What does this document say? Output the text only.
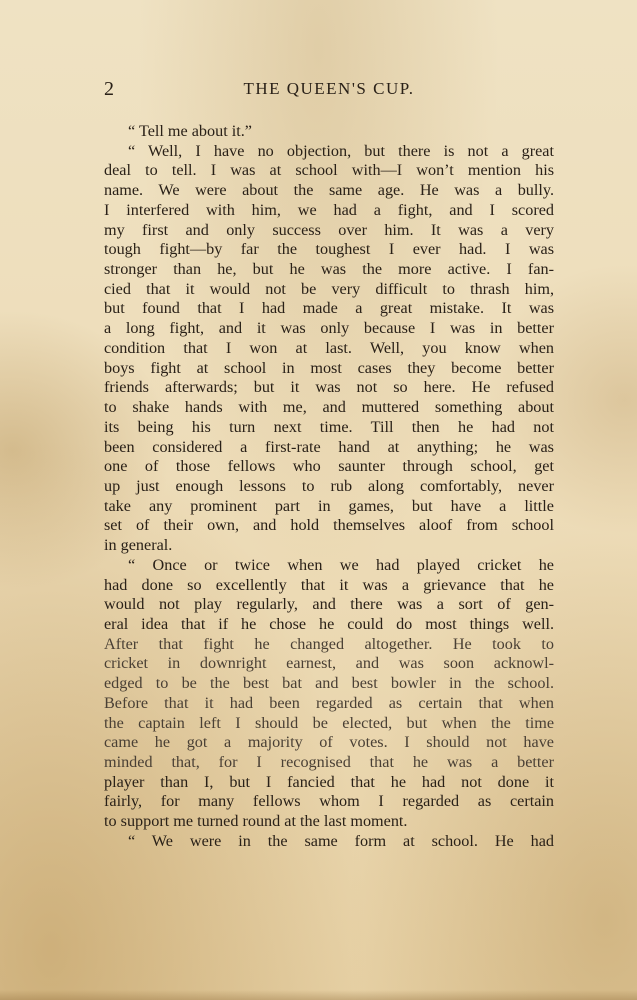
2	THE QUEEN'S CUP.
“ Tell me about it.”
“ Well, I have no objection, but there is not a great
deal to tell. I was at school with—I won’t mention his
name. We were about the same age. He was a bully.
I interfered with him, we had a fight, and I scored
my first and only success over him. It was a very
tough fight—by far the toughest I ever had. I was
stronger than he, but he was the more active. I fan-
cied that it would not be very difficult to thrash him,
but found that I had made a great mistake. It was
a long fight, and it was only because I was in better
condition that I won at last. Well, you know when
boys fight at school in most cases they become better
friends afterwards; but it was not so here. He refused
to shake hands with me, and muttered something about
its being his turn next time. Till then he had not
been considered a first-rate hand at anything; he was
one of those fellows who saunter through school, get
up just enough lessons to rub along comfortably, never
take any prominent part in games, but have a little
set of their own, and hold themselves aloof from school
in general.
“ Once or twice when we had played cricket he
had done so excellently that it was a grievance that he
would not play regularly, and there was a sort of gen-
eral idea that if he chose he could do most things well.
After that fight he changed altogether. He took to
cricket in downright earnest, and was soon acknowl-
edged to be the best bat and best bowler in the school.
Before that it had been regarded as certain that when
the captain left I should be elected, but when the time
came he got a majority of votes. I should not have
minded that, for I recognised that he was a better
player than I, but I fancied that he had not done it
fairly, for many fellows whom I regarded as certain
to support me turned round at the last moment.
“ We were in the same form at school. He had
